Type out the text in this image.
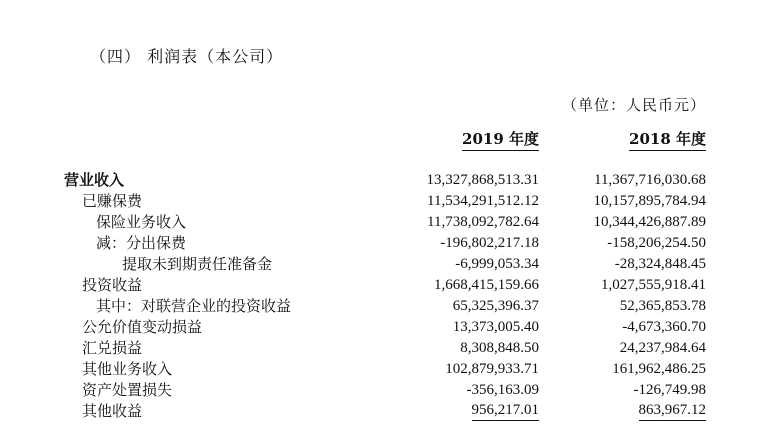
（四） 利润表（本公司）
（单位：人民币元）
2019 年度	2018 年度
营业收入	13,327,868,513.31	11,367,716,030.68
已赚保费	11,534,291,512.12	10,157,895,784.94
保险业务收入	11,738,092,782.64	10,344,426,887.89
减：分出保费	-196,802,217.18	-158,206,254.50
提取未到期责任准备金	-6,999,053.34	-28,324,848.45
投资收益	1,668,415,159.66	1,027,555,918.41
其中：对联营企业的投资收益	65,325,396.37	52,365,853.78
公允价值变动损益	13,373,005.40	-4,673,360.70
汇兑损益	8,308,848.50	24,237,984.64
其他业务收入	102,879,933.71	161,962,486.25
资产处置损失	-356,163.09	-126,749.98
其他收益	956,217.01	863,967.12
